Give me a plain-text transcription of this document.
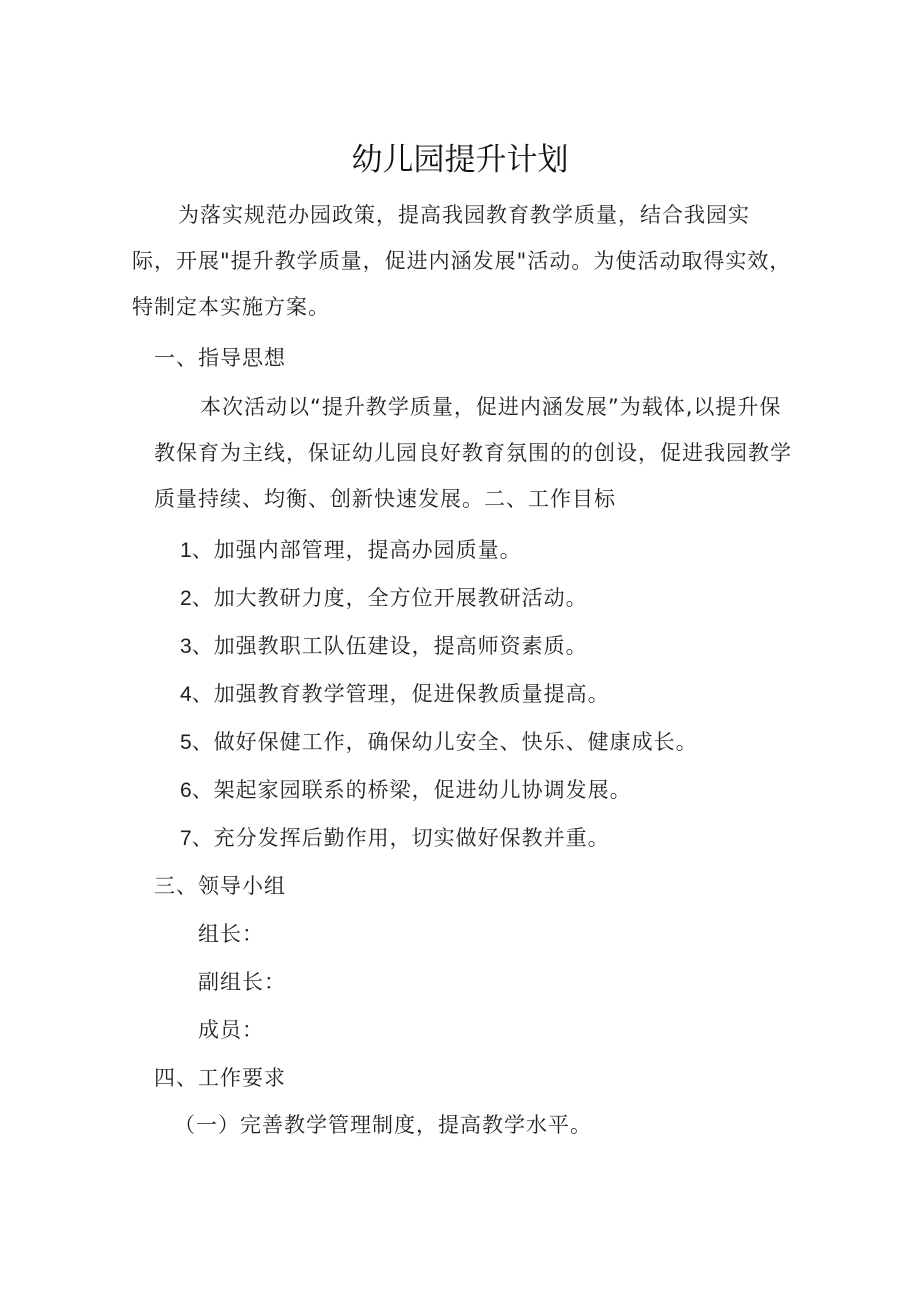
幼儿园提升计划
为落实规范办园政策，提高我园教育教学质量，结合我园实际，开展"提升教学质量，促进内涵发展"活动。为使活动取得实效，特制定本实施方案。
一、指导思想
本次活动以“提升教学质量，促进内涵发展”为载体,以提升保教保育为主线，保证幼儿园良好教育氛围的的创设，促进我园教学质量持续、均衡、创新快速发展。二、工作目标
1、加强内部管理，提高办园质量。
2、加大教研力度，全方位开展教研活动。
3、加强教职工队伍建设，提高师资素质。
4、加强教育教学管理，促进保教质量提高。
5、做好保健工作，确保幼儿安全、快乐、健康成长。
6、架起家园联系的桥梁，促进幼儿协调发展。
7、充分发挥后勤作用，切实做好保教并重。
三、领导小组
组长：
副组长：
成员：
四、工作要求
（一）完善教学管理制度，提高教学水平。
